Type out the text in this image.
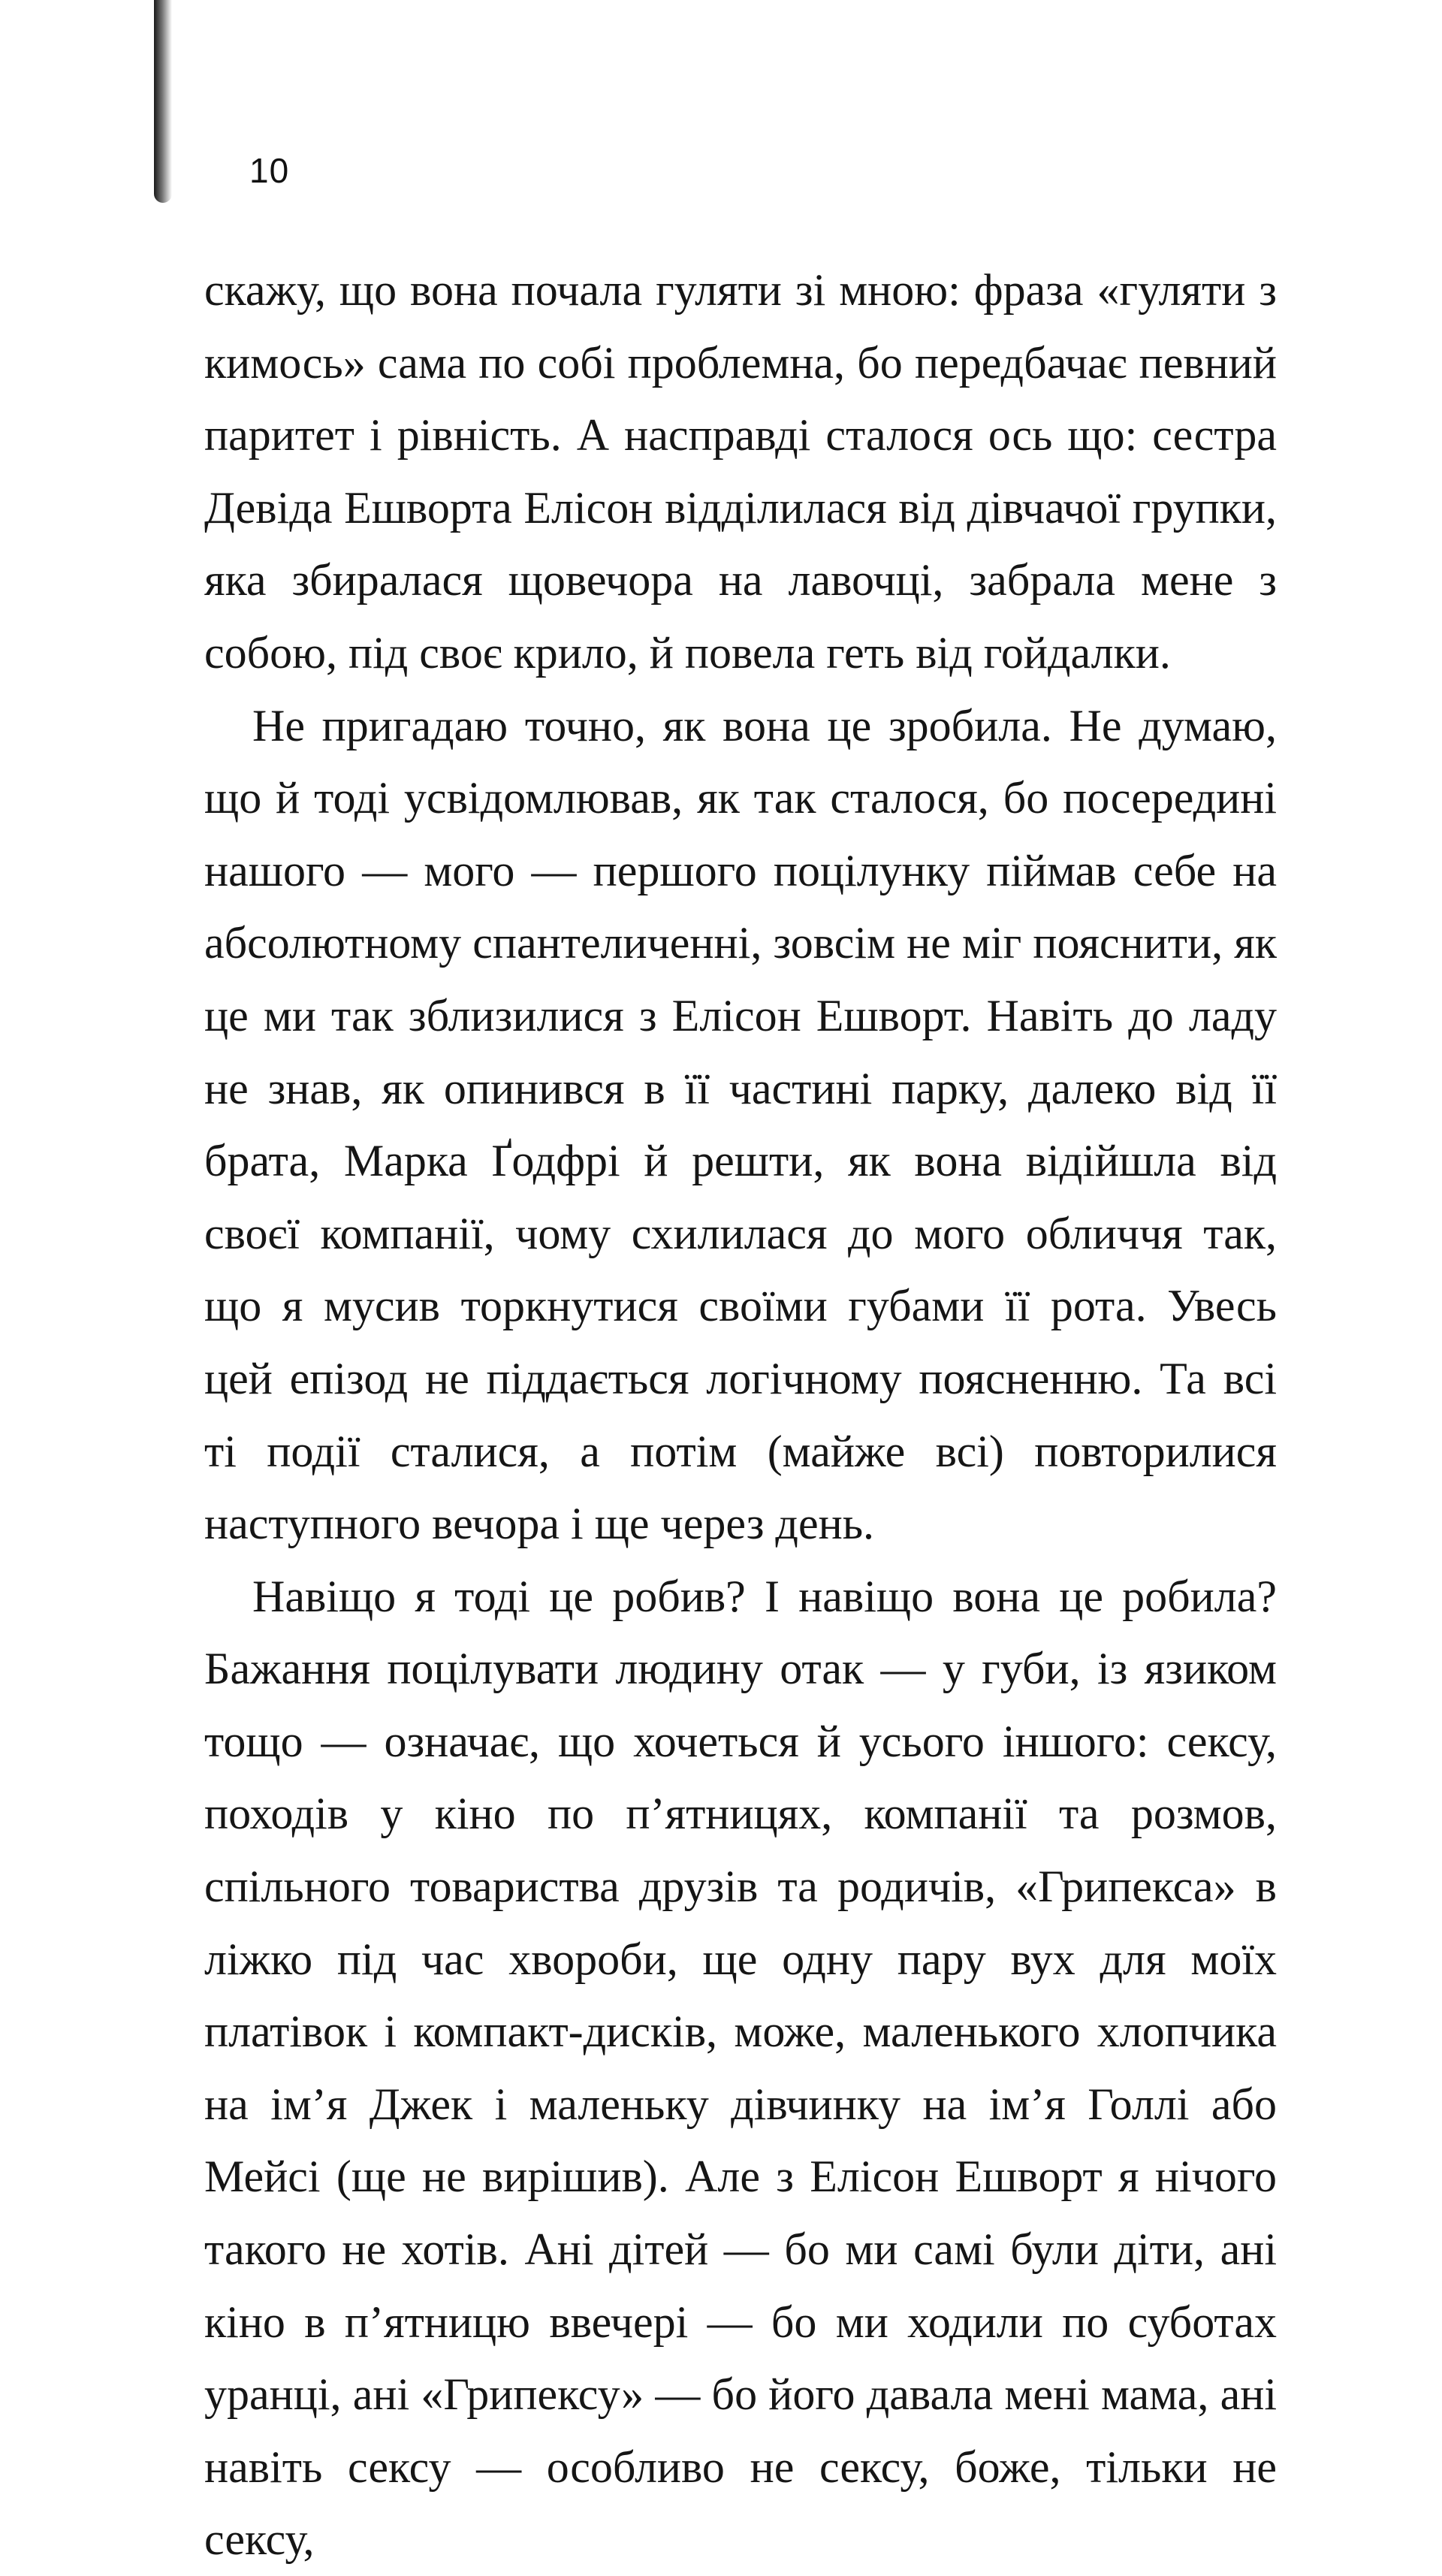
10

скажу, що вона почала гуляти зі мною: фраза «гуляти з кимось» сама по собі проблемна, бо передбачає певний паритет і рівність. А насправді сталося ось що: сестра Девіда Ешворта Елісон відділилася від дівчачої групки, яка збиралася щовечора на лавочці, забрала мене з собою, під своє крило, й повела геть від гойдалки.

Не пригадаю точно, як вона це зробила. Не думаю, що й тоді усвідомлював, як так сталося, бо посередині нашого — мого — першого поцілунку піймав себе на абсолютному спантеличенні, зовсім не міг пояснити, як це ми так зблизилися з Елісон Ешворт. Навіть до ладу не знав, як опинився в її частині парку, далеко від її брата, Марка Ґодфрі й решти, як вона відійшла від своєї компанії, чому схилилася до мого обличчя так, що я мусив торкнутися своїми губами її рота. Увесь цей епізод не піддається логічному поясненню. Та всі ті події сталися, а потім (майже всі) повторилися наступного вечора і ще через день.

Навіщо я тоді це робив? І навіщо вона це робила? Бажання поцілувати людину отак — у губи, із язиком тощо — означає, що хочеться й усього іншого: сексу, походів у кіно по п’ятницях, компанії та розмов, спільного товариства друзів та родичів, «Грипекса» в ліжко під час хвороби, ще одну пару вух для моїх платівок і компакт-дисків, може, маленького хлопчика на ім’я Джек і маленьку дівчинку на ім’я Голлі або Мейсі (ще не вирішив). Але з Елісон Ешворт я нічого такого не хотів. Ані дітей — бо ми самі були діти, ані кіно в п’ятницю ввечері — бо ми ходили по суботах уранці, ані «Грипексу» — бо його давала мені мама, ані навіть сексу — особливо не сексу, боже, тільки не сексу,
